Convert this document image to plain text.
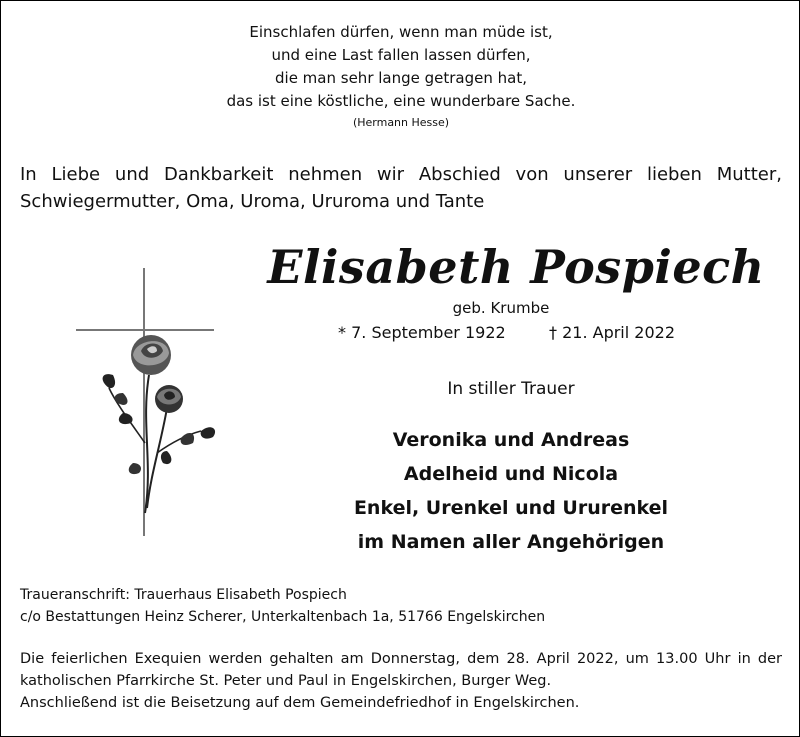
Einschlafen dürfen, wenn man müde ist,
und eine Last fallen lassen dürfen,
die man sehr lange getragen hat,
das ist eine köstliche, eine wunderbare Sache.
(Hermann Hesse)
In Liebe und Dankbarkeit nehmen wir Abschied von unserer lieben Mutter, Schwiegermutter, Oma, Uroma, Ururoma und Tante
Elisabeth Pospiech
geb. Krumbe
* 7. September 1922	† 21. April 2022
In stiller Trauer
Veronika und Andreas
Adelheid und Nicola
Enkel, Urenkel und Ururenkel
im Namen aller Angehörigen
Traueranschrift: Trauerhaus Elisabeth Pospiech
c/o Bestattungen Heinz Scherer, Unterkaltenbach 1a, 51766 Engelskirchen
Die feierlichen Exequien werden gehalten am Donnerstag, dem 28. April 2022, um 13.00 Uhr in der katholischen Pfarrkirche St. Peter und Paul in Engelskirchen, Burger Weg.
Anschließend ist die Beisetzung auf dem Gemeindefriedhof in Engelskirchen.
